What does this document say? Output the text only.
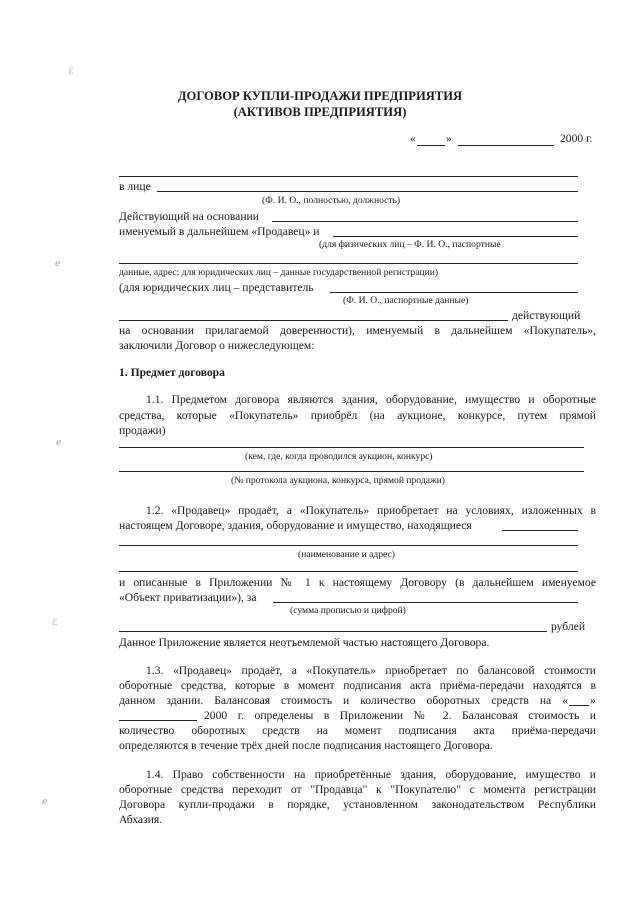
ℰ
ℯ
ℯ
ℰ
ℯ
ДОГОВОР КУПЛИ-ПРОДАЖИ ПРЕДПРИЯТИЯ
(АКТИВОВ ПРЕДПРИЯТИЯ)
«	»	2000 г.
в лице
(Ф. И. О., полностью, должность)
Действующий на основании
именуемый в дальнейшем «Продавец» и
(для физических лиц – Ф. И. О., паспортные
данные, адрес; для юридических лиц – данные государственной регистрации)
(для юридических лиц – представитель
(Ф. И. О., паспортные данные)
действующий
на основании прилагаемой доверенности), именуемый в дальнейшем «Покупатель»,
заключили Договор о нижеследующем:
1. Предмет договора
1.1. Предметом договора являются здания, оборудование, имущество и оборотные
средства, которые «Покупатель» приобрёл (на аукционе, конкурсе, путем прямой
продажи)
(кем, где, когда проводился аукцион, конкурс)
(№ протокола аукциона, конкурса, прямой продажи)
1.2. «Продавец» продаёт, а «Покупатель» приобретает на условиях, изложенных в
настоящем Договоре, здания, оборудование и имущество, находящиеся
(наименование и адрес)
и описанные в Приложении № 1 к настоящему Договору (в дальнейшем именуемое
«Объект приватизации»), за
(сумма прописью и цифрой)
рублей
Данное Приложение является неотъемлемой частью настоящего Договора.
1.3. «Продавец» продаёт, а «Покупатель» приобретает по балансовой стоимости
оборотные средства, которые в момент подписания акта приёма-передачи находятся в
данном здании. Балансовая стоимость и количество оборотных средств на « »
2000 г. определены в Приложении № 2. Балансовая стоимость и
количество оборотных средств на момент подписания акта приёма-передачи
определяются в течение трёх дней после подписания настоящего Договора.
1.4. Право собственности на приобретённые здания, оборудование, имущество и
оборотные средства переходит от "Продавца" к "Покупателю" с момента регистрации
Договора купли-продажи в порядке, установленном законодательством Республики
Абхазия.
